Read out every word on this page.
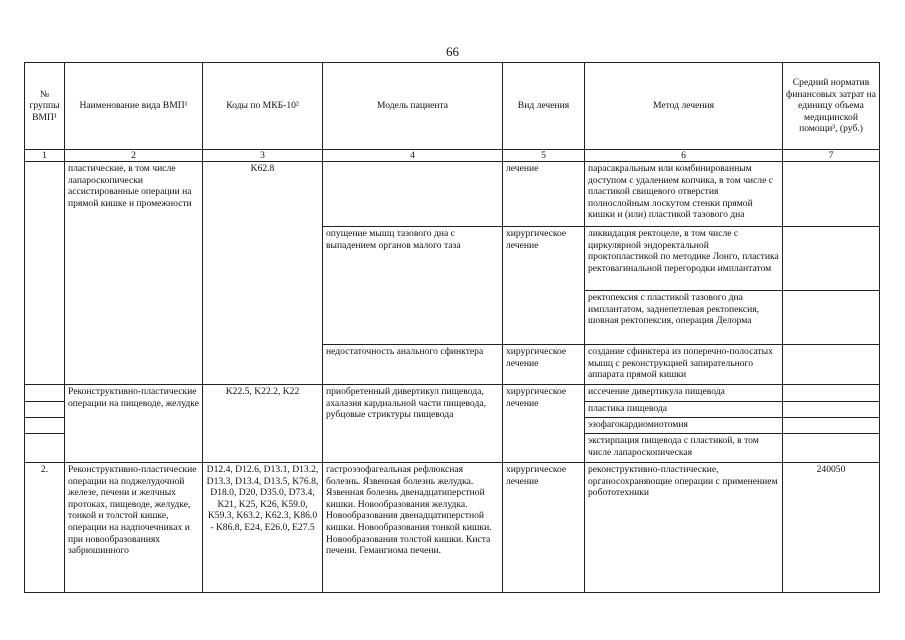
66
№ группы ВМП¹	Наименование вида ВМП¹	Коды по МКБ-10²	Модель пациента	Вид лечения	Метод лечения	Средний норматив финансовых затрат на единицу объема медицинской помощи³, (руб.)
1	2	3	4	5	6	7
	пластические, в том числе лапароскопически ассистированные операции на прямой кишке и промежности	K62.8		лечение	парасакральным или комбинированным доступом с удалением копчика, в том числе с пластикой свищевого отверстия полнослойным лоскутом стенки прямой кишки и (или) пластикой тазового дна	
			опущение мышц тазового дна с выпадением органов малого таза	хирургическое лечение	ликвидация ректоцеле, в том числе с циркулярной эндоректальной проктопластикой по методике Лонго, пластика ректовагинальной перегородки имплантатом	
					ректопексия с пластикой тазового дна имплантатом, заднепетлевая ректопексия, шовная ректопексия, операция Делорма	
			недостаточность анального сфинктера	хирургическое лечение	создание сфинктера из поперечно-полосатых мышц с реконструкцией запирательного аппарата прямой кишки	
	Реконструктивно-пластические операции на пищеводе, желудке	K22.5, K22.2, K22	приобретенный дивертикул пищевода, ахалазия кардиальной части пищевода, рубцовые стриктуры пищевода	хирургическое лечение	иссечение дивертикула пищевода	
					пластика пищевода	
					эзофагокардиомиотомия	
					экстирпация пищевода с пластикой, в том числе лапароскопическая	
2.	Реконструктивно-пластические операции на поджелудочной железе, печени и желчных протоках, пищеводе, желудке, тонкой и толстой кишке, операции на надпочечниках и при новообразованиях забрюшинного	D12.4, D12.6, D13.1, D13.2, D13.3, D13.4, D13.5, K76.8, D18.0, D20, D35.0, D73.4, K21, K25, K26, K59.0, K59.3, K63.2, K62.3, K86.0 - K86.8, E24, E26.0, E27.5	гастроэзофагеальная рефлюксная болезнь. Язвенная болезнь желудка. Язвенная болезнь двенадцатиперстной кишки. Новообразования желудка. Новообразования двенадцатиперстной кишки. Новообразования тонкой кишки. Новообразования толстой кишки. Киста печени. Гемангиома печени.	хирургическое лечение	реконструктивно-пластические, органосохраняющие операции с применением робототехники	240050
